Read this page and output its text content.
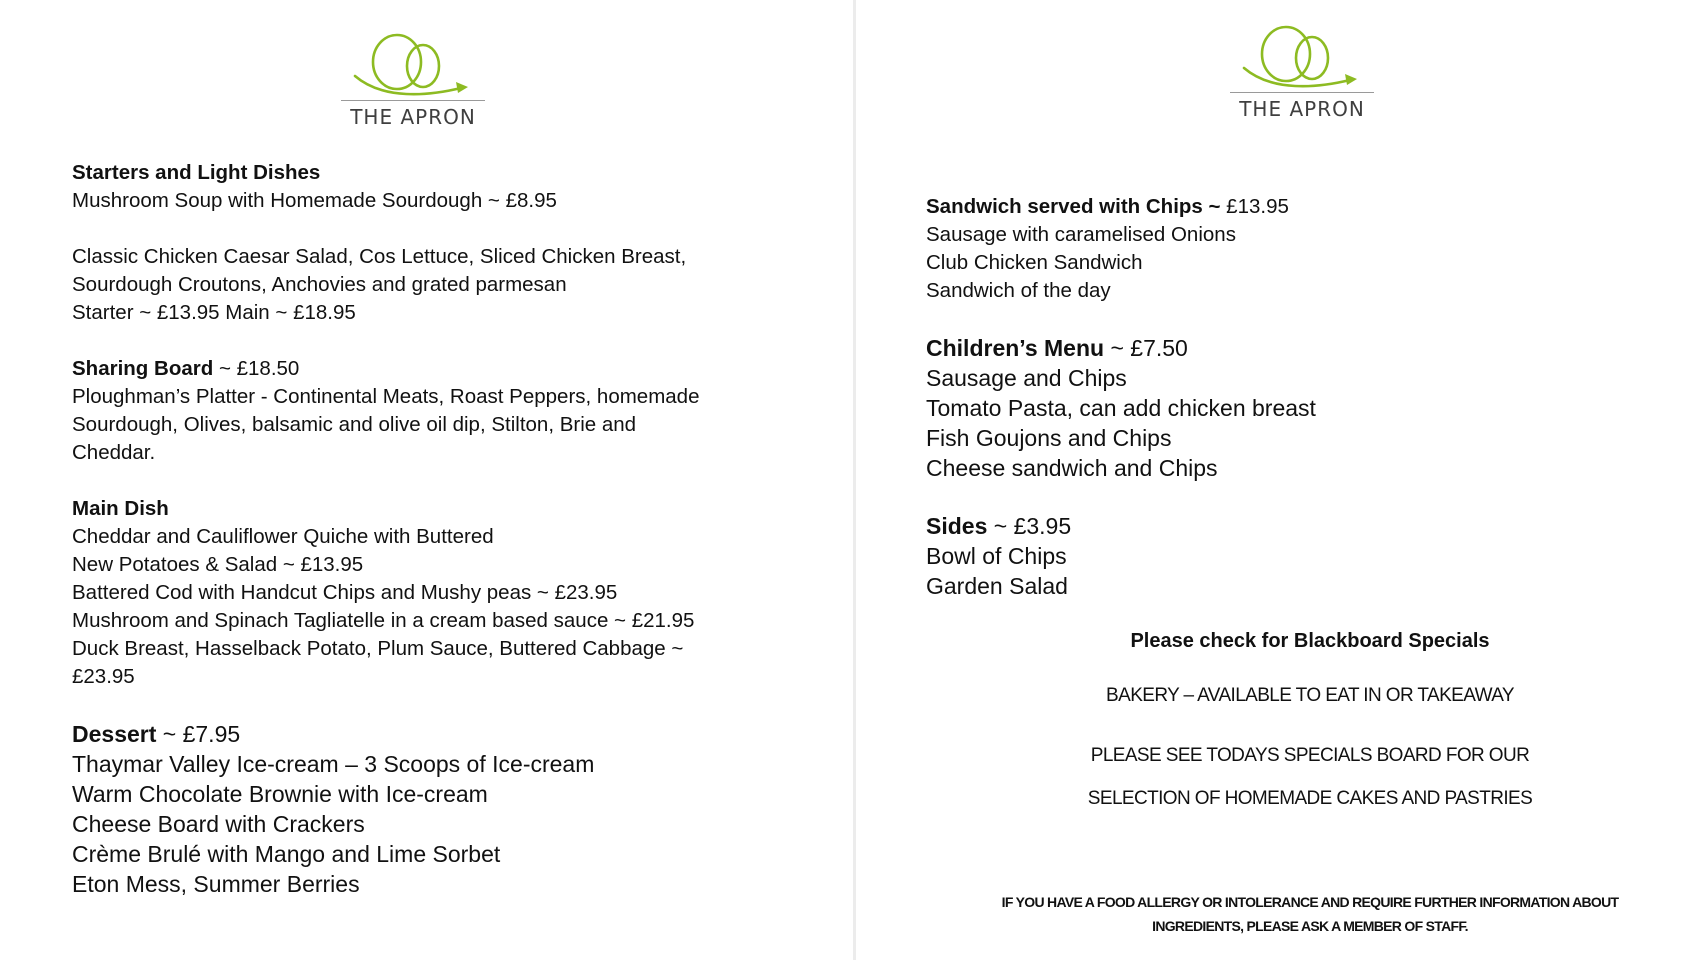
THE APRON	THE APRON
Starters and Light Dishes
Mushroom Soup with Homemade Sourdough ~ £8.95
Classic Chicken Caesar Salad, Cos Lettuce, Sliced Chicken Breast,
Sourdough Croutons, Anchovies and grated parmesan
Starter ~ £13.95 Main ~ £18.95
Sharing Board ~ £18.50
Ploughman’s Platter - Continental Meats, Roast Peppers, homemade
Sourdough, Olives, balsamic and olive oil dip, Stilton, Brie and
Cheddar.
Main Dish
Cheddar and Cauliflower Quiche with Buttered
New Potatoes & Salad ~ £13.95
Battered Cod with Handcut Chips and Mushy peas ~ £23.95
Mushroom and Spinach Tagliatelle in a cream based sauce ~ £21.95
Duck Breast, Hasselback Potato, Plum Sauce, Buttered Cabbage ~
£23.95
Dessert ~ £7.95
Thaymar Valley Ice-cream – 3 Scoops of Ice-cream
Warm Chocolate Brownie with Ice-cream
Cheese Board with Crackers
Crème Brulé with Mango and Lime Sorbet
Eton Mess, Summer Berries
Sandwich served with Chips ~ £13.95
Sausage with caramelised Onions
Club Chicken Sandwich
Sandwich of the day
Children’s Menu ~ £7.50
Sausage and Chips
Tomato Pasta, can add chicken breast
Fish Goujons and Chips
Cheese sandwich and Chips
Sides ~ £3.95
Bowl of Chips
Garden Salad
Please check for Blackboard Specials
BAKERY – AVAILABLE TO EAT IN OR TAKEAWAY
PLEASE SEE TODAYS SPECIALS BOARD FOR OUR
SELECTION OF HOMEMADE CAKES AND PASTRIES
IF YOU HAVE A FOOD ALLERGY OR INTOLERANCE AND REQUIRE FURTHER INFORMATION ABOUT
INGREDIENTS, PLEASE ASK A MEMBER OF STAFF.
